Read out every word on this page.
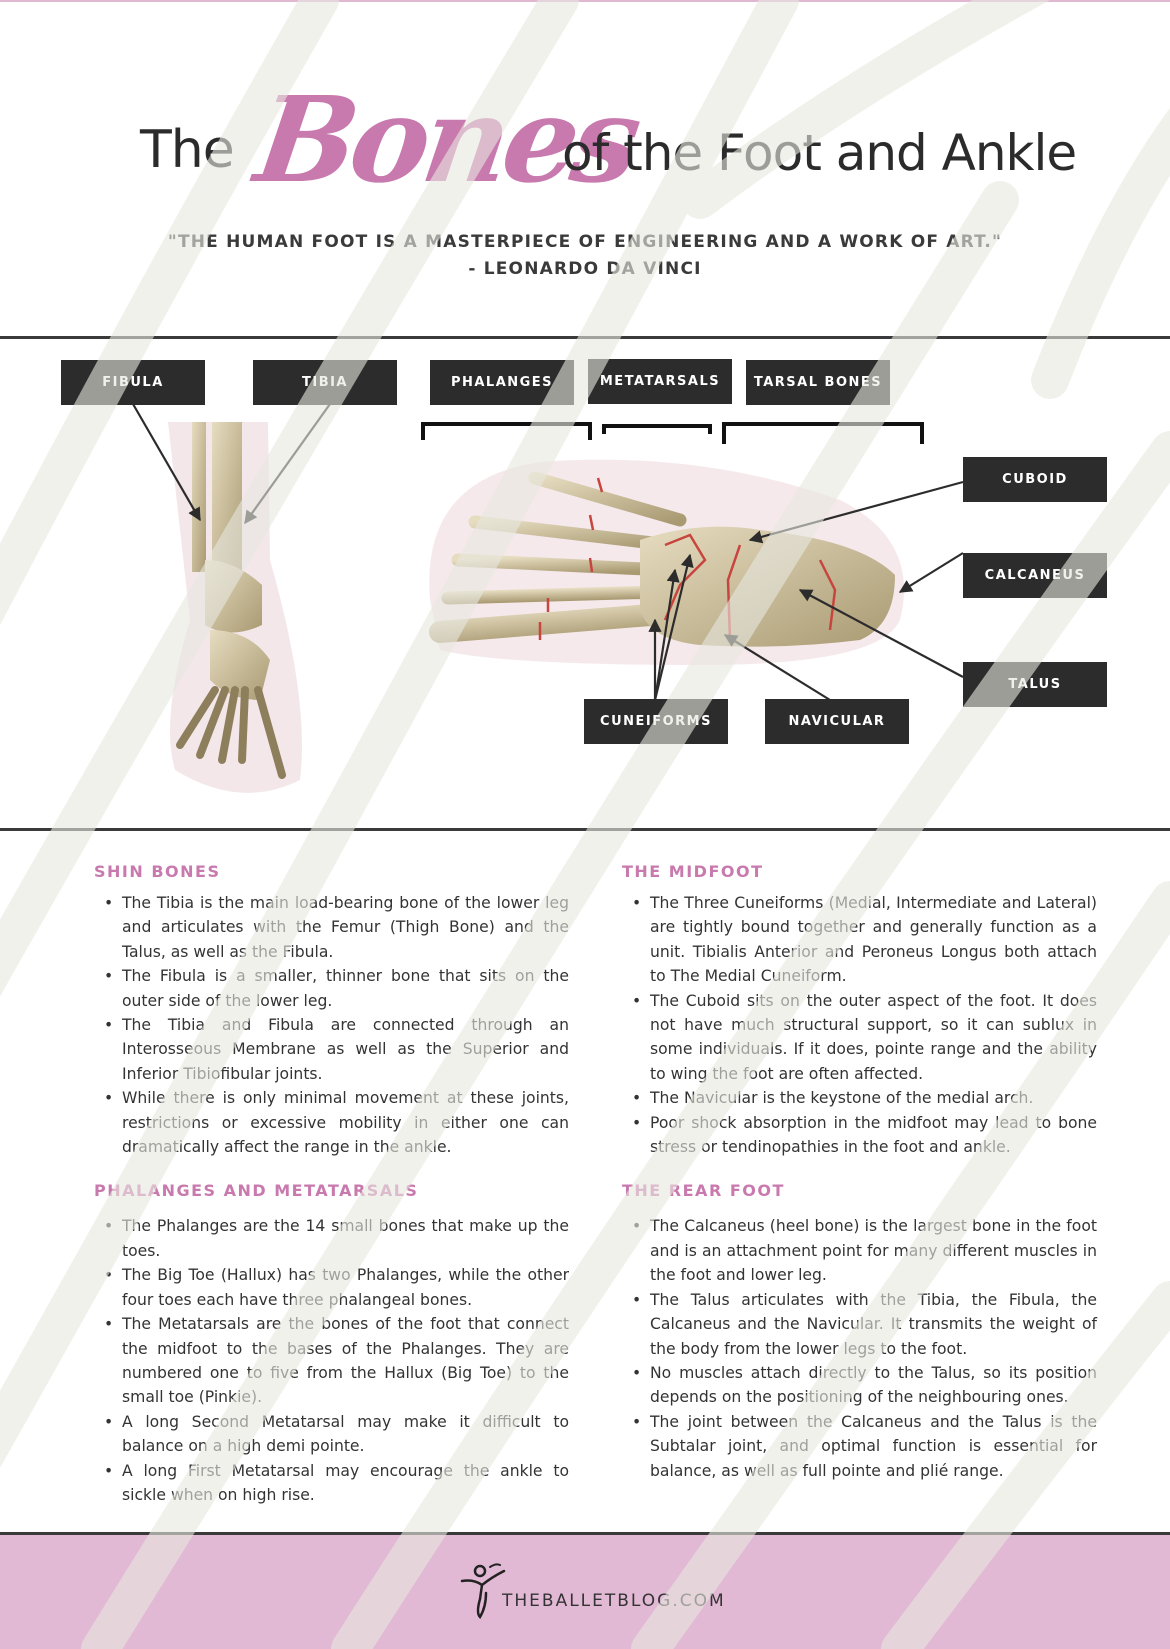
The Bones
of the Foot and Ankle
"THE HUMAN FOOT IS A MASTERPIECE OF ENGINEERING AND A WORK OF ART."
- LEONARDO DA VINCI
FIBULA	TIBIA	PHALANGES	METATARSALS	TARSAL BONES
CUBOID
CALCANEUS
TALUS
CUNEIFORMS	NAVICULAR
SHIN BONES
• The Tibia is the main load-bearing bone of the lower leg and articulates with the Femur (Thigh Bone) and the Talus, as well as the Fibula.
• The Fibula is a smaller, thinner bone that sits on the outer side of the lower leg.
• The Tibia and Fibula are connected through an Interosseous Membrane as well as the Superior and Inferior Tibiofibular joints.
• While there is only minimal movement at these joints, restrictions or excessive mobility in either one can dramatically affect the range in the ankle.
PHALANGES AND METATARSALS
• The Phalanges are the 14 small bones that make up the toes.
• The Big Toe (Hallux) has two Phalanges, while the other four toes each have three phalangeal bones.
• The Metatarsals are the bones of the foot that connect the midfoot to the bases of the Phalanges. They are numbered one to five from the Hallux (Big Toe) to the small toe (Pinkie).
• A long Second Metatarsal may make it difficult to balance on a high demi pointe.
• A long First Metatarsal may encourage the ankle to sickle when on high rise.
THE MIDFOOT
• The Three Cuneiforms (Medial, Intermediate and Lateral) are tightly bound together and generally function as a unit. Tibialis Anterior and Peroneus Longus both attach to The Medial Cuneiform.
• The Cuboid sits on the outer aspect of the foot. It does not have much structural support, so it can sublux in some individuals. If it does, pointe range and the ability to wing the foot are often affected.
• The Navicular is the keystone of the medial arch.
• Poor shock absorption in the midfoot may lead to bone stress or tendinopathies in the foot and ankle.
THE REAR FOOT
• The Calcaneus (heel bone) is the largest bone in the foot and is an attachment point for many different muscles in the foot and lower leg.
• The Talus articulates with the Tibia, the Fibula, the Calcaneus and the Navicular. It transmits the weight of the body from the lower legs to the foot.
• No muscles attach directly to the Talus, so its position depends on the positioning of the neighbouring ones.
• The joint between the Calcaneus and the Talus is the Subtalar joint, and optimal function is essential for balance, as well as full pointe and plié range.
THEBALLETBLOG.COM
